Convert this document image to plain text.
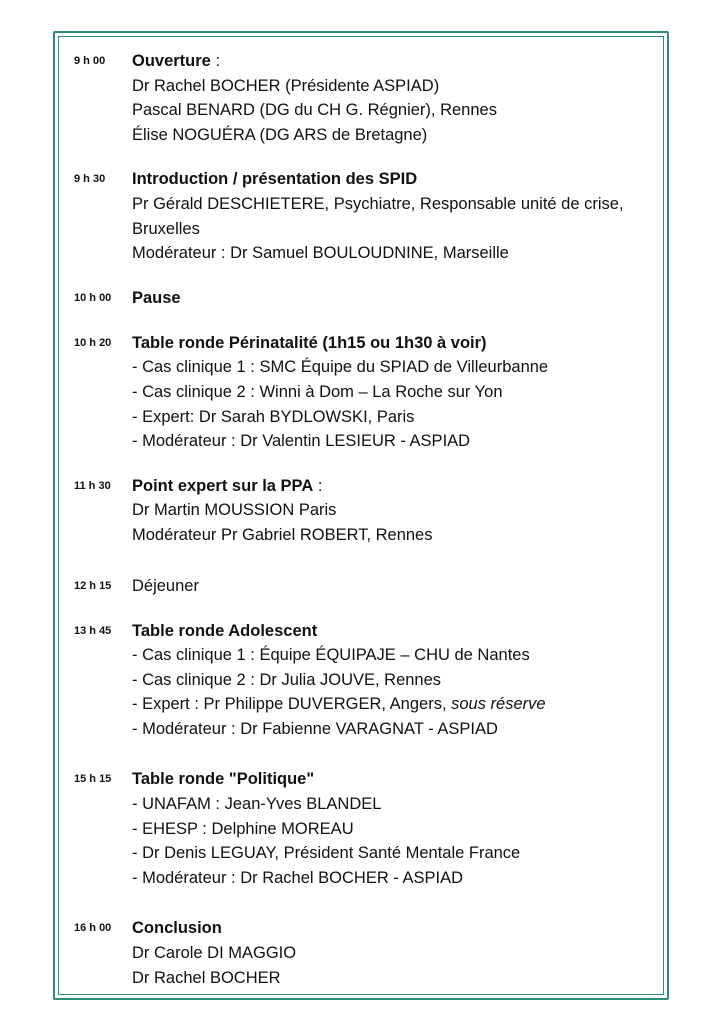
9 h 00	Ouverture :
Dr Rachel BOCHER (Présidente ASPIAD)
Pascal BENARD (DG du CH G. Régnier), Rennes
Élise NOGUÉRA (DG ARS de Bretagne)
9 h 30	Introduction / présentation des SPID
Pr Gérald DESCHIETERE, Psychiatre, Responsable unité de crise,
Bruxelles
Modérateur : Dr Samuel BOULOUDNINE, Marseille
10 h 00	Pause
10 h 20	Table ronde Périnatalité (1h15 ou 1h30 à voir)
- Cas clinique 1 : SMC Équipe du SPIAD de Villeurbanne
- Cas clinique 2 : Winni à Dom – La Roche sur Yon
- Expert: Dr Sarah BYDLOWSKI, Paris
- Modérateur : Dr Valentin LESIEUR - ASPIAD
11 h 30	Point expert sur la PPA :
Dr Martin MOUSSION Paris
Modérateur Pr Gabriel ROBERT, Rennes
12 h 15	Déjeuner
13 h 45	Table ronde Adolescent
- Cas clinique 1 : Équipe ÉQUIPAJE – CHU de Nantes
- Cas clinique 2 : Dr Julia JOUVE, Rennes
- Expert : Pr Philippe DUVERGER, Angers, sous réserve
- Modérateur : Dr Fabienne VARAGNAT - ASPIAD
15 h 15	Table ronde "Politique"
- UNAFAM : Jean-Yves BLANDEL
- EHESP : Delphine MOREAU
- Dr Denis LEGUAY, Président Santé Mentale France
- Modérateur : Dr Rachel BOCHER - ASPIAD
16 h 00	Conclusion
Dr Carole DI MAGGIO
Dr Rachel BOCHER
